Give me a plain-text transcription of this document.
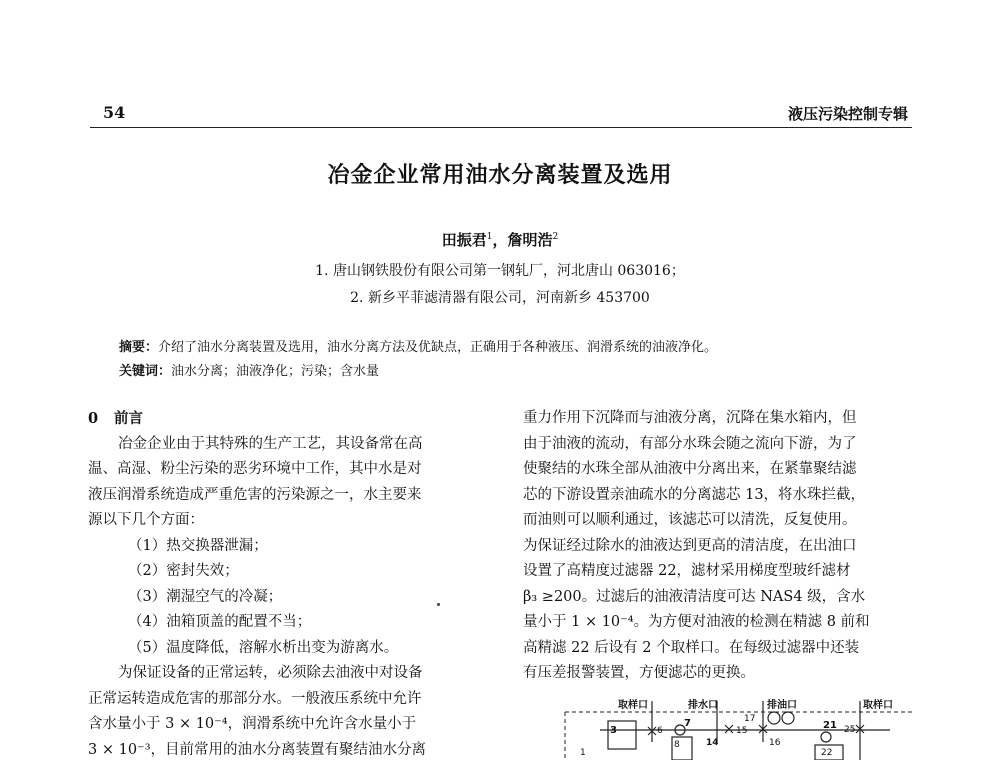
54	液压污染控制专辑
冶金企业常用油水分离装置及选用
田振君$^1$，詹明浩$^2$
1. 唐山钢铁股份有限公司第一钢轧厂，河北唐山 063016；
2. 新乡平菲滤清器有限公司，河南新乡 453700
摘要：介绍了油水分离装置及选用，油水分离方法及优缺点，正确用于各种液压、润滑系统的油液净化。
关键词：油水分离；油液净化；污染；含水量

0 前言

冶金企业由于其特殊的生产工艺，其设备常在高

温、高湿、粉尘污染的恶劣环境中工作，其中水是对

液压润滑系统造成严重危害的污染源之一，水主要来

源以下几个方面：

（1）热交换器泄漏；

（2）密封失效；

（3）潮湿空气的冷凝；

（4）油箱顶盖的配置不当；

（5）温度降低，溶解水析出变为游离水。

为保证设备的正常运转，必须除去油液中对设备

正常运转造成危害的那部分水。一般液压系统中允许

含水量小于 3 × 10⁻⁴，润滑系统中允许含水量小于

3 × 10⁻³，目前常用的油水分离装置有聚结油水分离

重力作用下沉降而与油液分离，沉降在集水箱内，但

由于油液的流动，有部分水珠会随之流向下游，为了

使聚结的水珠全部从油液中分离出来，在紧靠聚结滤

芯的下游设置亲油疏水的分离滤芯 13，将水珠拦截，

而油则可以顺利通过，该滤芯可以清洗，反复使用。

为保证经过除水的油液达到更高的清洁度，在出油口

设置了高精度过滤器 22，滤材采用梯度型玻纤滤材

β₃ ≥200。过滤后的油液清洁度可达 NAS4 级，含水

量小于 1 × 10⁻⁴。为方便对油液的检测在精滤 8 前和

高精滤 22 后设有 2 个取样口。在每级过滤器中还装

有压差报警装置，方便滤芯的更换。

取样口	排水口	排油口	取样口
3	6
7
8	14
15
16
17
21
22
25
1
